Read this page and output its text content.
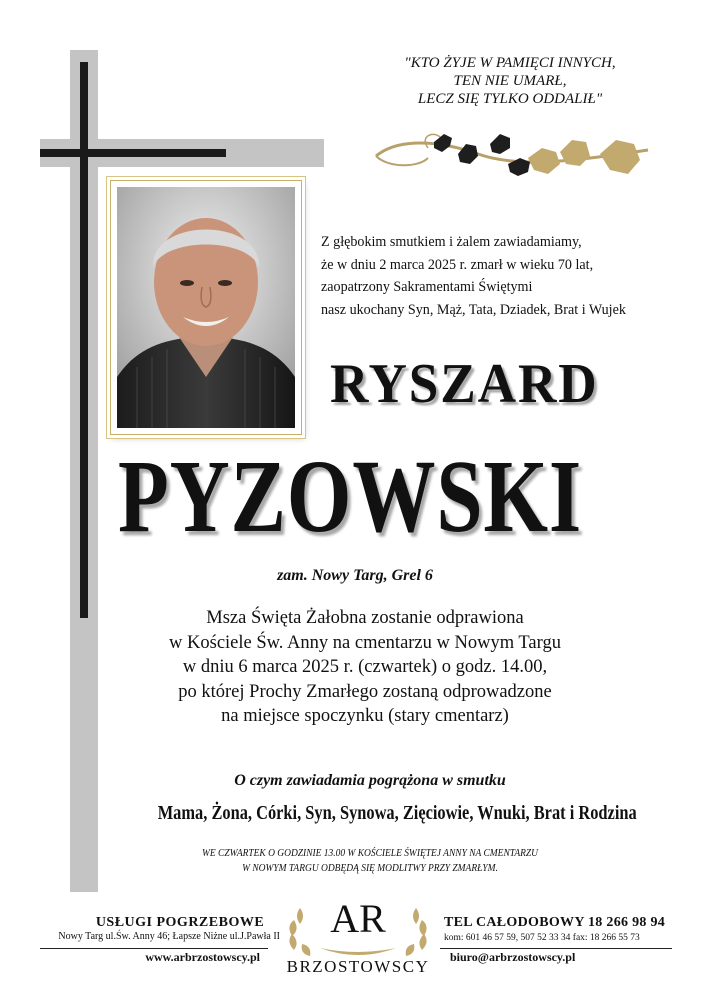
"KTO ŻYJE W PAMIĘCI INNYCH,
TEN NIE UMARŁ,
LECZ SIĘ TYLKO ODDALIŁ"
Z głębokim smutkiem i żalem zawiadamiamy,
że w dniu 2 marca 2025 r. zmarł w wieku 70 lat,
zaopatrzony Sakramentami Świętymi
nasz ukochany Syn, Mąż, Tata, Dziadek, Brat i Wujek
RYSZARD
PYZOWSKI
zam. Nowy Targ, Grel 6
Msza Święta Żałobna zostanie odprawiona
w Kościele Św. Anny na cmentarzu w Nowym Targu
w dniu 6 marca 2025 r. (czwartek) o godz. 14.00,
po której Prochy Zmarłego zostaną odprowadzone
na miejsce spoczynku (stary cmentarz)
O czym zawiadamia pogrążona w smutku
Mama, Żona, Córki, Syn, Synowa, Zięciowie, Wnuki, Brat i Rodzina
WE CZWARTEK O GODZINIE 13.00 W KOŚCIELE ŚWIĘTEJ ANNY NA CMENTARZU
W NOWYM TARGU ODBĘDĄ SIĘ MODLITWY PRZY ZMARŁYM.
USŁUGI POGRZEBOWE
Nowy Targ ul.Św. Anny 46; Łapsze Niżne ul.J.Pawła II
www.arbrzostowscy.pl
AR
BRZOSTOWSCY
TEL CAŁODOBOWY 18 266 98 94
kom: 601 46 57 59, 507 52 33 34 fax: 18 266 55 73
biuro@arbrzostowscy.pl
